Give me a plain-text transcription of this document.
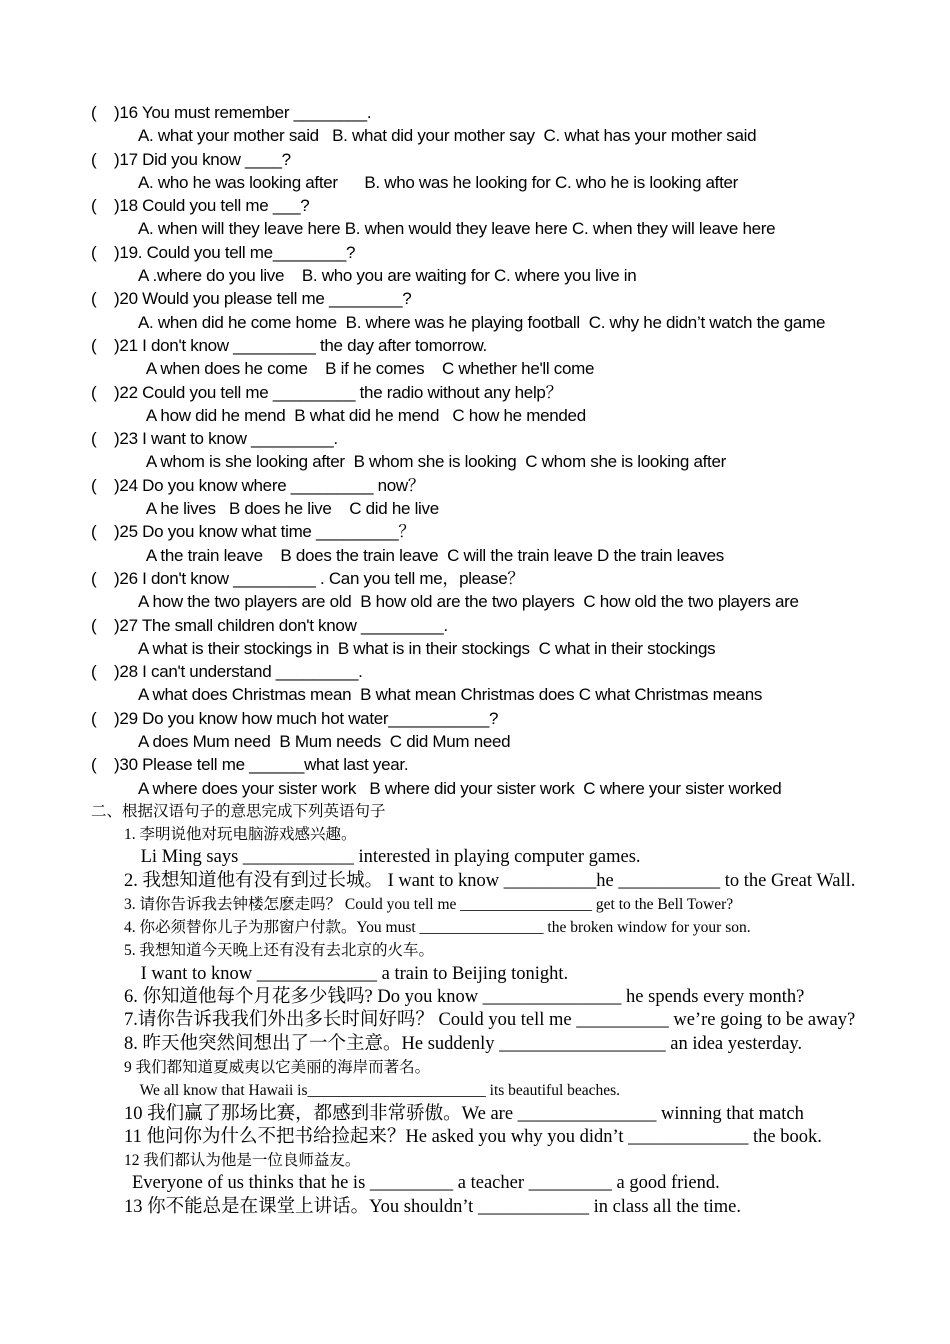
(    )16 You must remember ________.
A. what your mother said   B. what did your mother say  C. what has your mother said
(    )17 Did you know ____?
A. who he was looking after      B. who was he looking for C. who he is looking after
(    )18 Could you tell me ___?
A. when will they leave here B. when would they leave here C. when they will leave here
(    )19. Could you tell me________?
A .where do you live    B. who you are waiting for C. where you live in
(    )20 Would you please tell me ________?
A. when did he come home  B. where was he playing football  C. why he didn’t watch the game
(    )21 I don't know _________ the day after tomorrow.
A when does he come    B if he comes    C whether he'll come
(    )22 Could you tell me _________ the radio without any help？
A how did he mend  B what did he mend   C how he mended
(    )23 I want to know _________.
A whom is she looking after  B whom she is looking  C whom she is looking after
(    )24 Do you know where _________ now？
A he lives   B does he live    C did he live
(    )25 Do you know what time _________？
A the train leave    B does the train leave  C will the train leave D the train leaves
(    )26 I don't know _________ . Can you tell me，please？
A how the two players are old  B how old are the two players  C how old the two players are
(    )27 The small children don't know _________.
A what is their stockings in  B what is in their stockings  C what in their stockings
(    )28 I can't understand _________.
A what does Christmas mean  B what mean Christmas does C what Christmas means
(    )29 Do you know how much hot water___________?
A does Mum need  B Mum needs  C did Mum need
(    )30 Please tell me ______what last year.
A where does your sister work   B where did your sister work  C where your sister worked
二、根据汉语句子的意思完成下列英语句子
1. 李明说他对玩电脑游戏感兴趣。
Li Ming says ____________ interested in playing computer games.
2. 我想知道他有没有到过长城。 I want to know __________he ___________ to the Great Wall.
3. 请你告诉我去钟楼怎麽走吗？ Could you tell me _________________ get to the Bell Tower?
4. 你必须替你儿子为那窗户付款。You must ________________ the broken window for your son.
5. 我想知道今天晚上还有没有去北京的火车。
I want to know _____________ a train to Beijing tonight.
6. 你知道他每个月花多少钱吗? Do you know _______________ he spends every month?
7.请你告诉我我们外出多长时间好吗？ Could you tell me __________ we’re going to be away?
8. 昨天他突然间想出了一个主意。He suddenly __________________ an idea yesterday.
9 我们都知道夏威夷以它美丽的海岸而著名。
We all know that Hawaii is_______________________ its beautiful beaches.
10 我们赢了那场比赛，都感到非常骄傲。We are _______________ winning that match
11 他问你为什么不把书给捡起来？He asked you why you didn’t _____________ the book.
12 我们都认为他是一位良师益友。
Everyone of us thinks that he is _________ a teacher _________ a good friend.
13 你不能总是在课堂上讲话。You shouldn’t ____________ in class all the time.
